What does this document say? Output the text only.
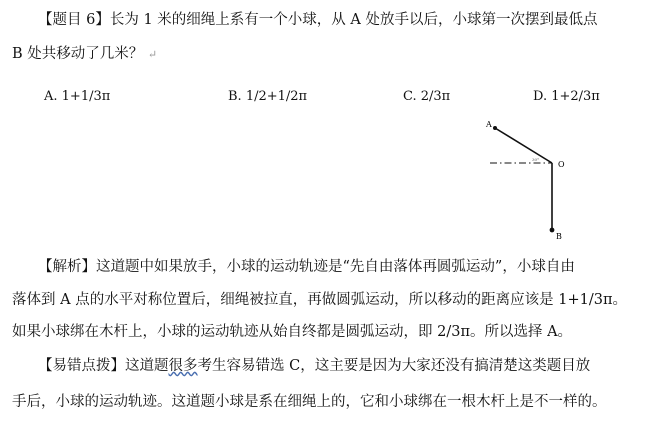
【题目 6】长为 1 米的细绳上系有一个小球，从 A 处放手以后，小球第一次摆到最低点
B 处共移动了几米？ ↵
A. 1+1/3π	B. 1/2+1/2π	C. 2/3π	D. 1+2/3π
A
O
B
30°
【解析】这道题中如果放手，小球的运动轨迹是“先自由落体再圆弧运动”，小球自由
落体到 A 点的水平对称位置后，细绳被拉直，再做圆弧运动，所以移动的距离应该是 1+1/3π。
如果小球绑在木杆上，小球的运动轨迹从始自终都是圆弧运动，即 2/3π。所以选择 A。
【易错点拨】这道题很多考生容易错选 C，这主要是因为大家还没有搞清楚这类题目放
手后，小球的运动轨迹。这道题小球是系在细绳上的，它和小球绑在一根木杆上是不一样的。
